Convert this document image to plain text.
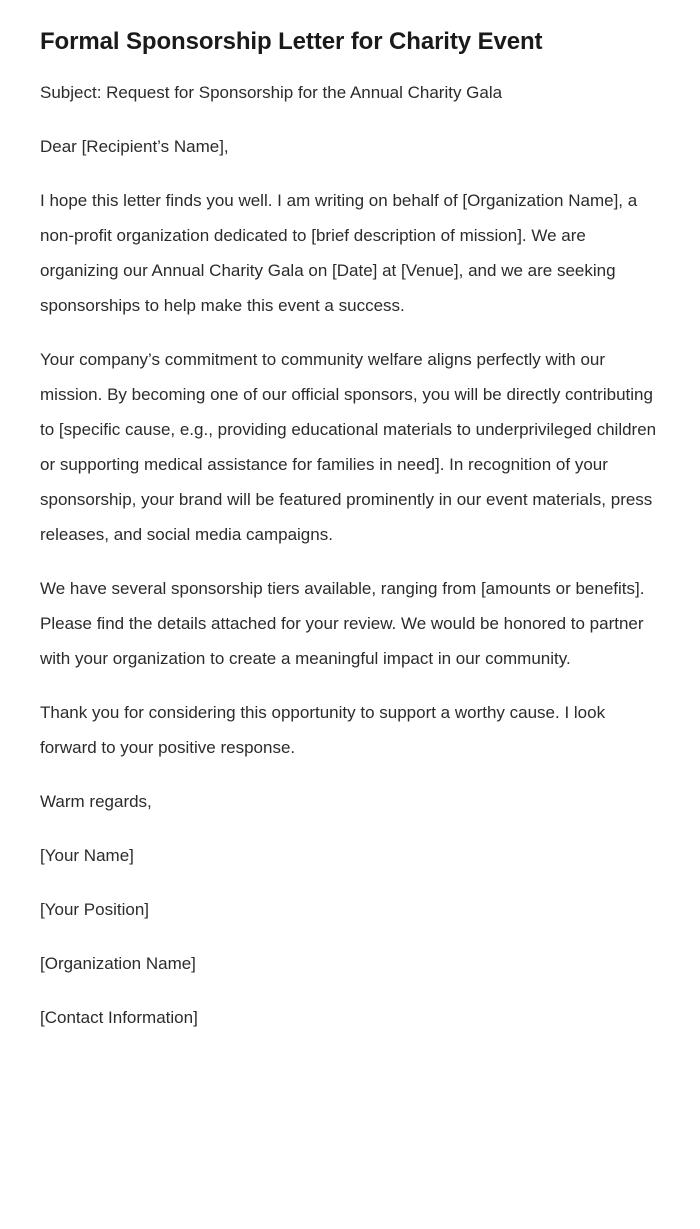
Formal Sponsorship Letter for Charity Event

Subject: Request for Sponsorship for the Annual Charity Gala

Dear [Recipient’s Name],

I hope this letter finds you well. I am writing on behalf of [Organization Name], a non-profit organization dedicated to [brief description of mission]. We are organizing our Annual Charity Gala on [Date] at [Venue], and we are seeking sponsorships to help make this event a success.

Your company’s commitment to community welfare aligns perfectly with our mission. By becoming one of our official sponsors, you will be directly contributing to [specific cause, e.g., providing educational materials to underprivileged children or supporting medical assistance for families in need]. In recognition of your sponsorship, your brand will be featured prominently in our event materials, press releases, and social media campaigns.

We have several sponsorship tiers available, ranging from [amounts or benefits]. Please find the details attached for your review. We would be honored to partner with your organization to create a meaningful impact in our community.

Thank you for considering this opportunity to support a worthy cause. I look forward to your positive response.

Warm regards,

[Your Name]

[Your Position]

[Organization Name]

[Contact Information]
